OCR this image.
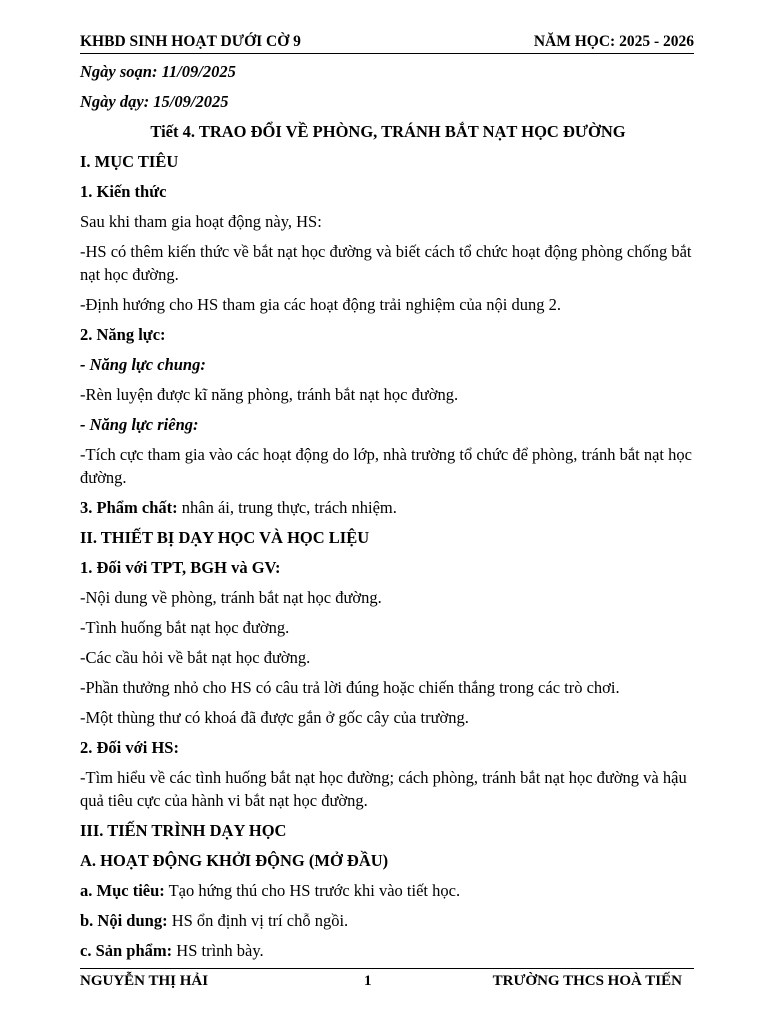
KHBD SINH HOẠT DƯỚI CỜ 9	NĂM HỌC: 2025 - 2026

Ngày soạn: 11/09/2025

Ngày dạy: 15/09/2025

Tiết 4. TRAO ĐỔI VỀ PHÒNG, TRÁNH BẮT NẠT HỌC ĐƯỜNG

I. MỤC TIÊU

1. Kiến thức

Sau khi tham gia hoạt động này, HS:

-HS có thêm kiến thức về bắt nạt học đường và biết cách tổ chức hoạt động phòng chống bắt nạt học đường.

-Định hướng cho HS tham gia các hoạt động trải nghiệm của nội dung 2.

2. Năng lực:

- Năng lực chung:

-Rèn luyện được kĩ năng phòng, tránh bắt nạt học đường.

- Năng lực riêng:

-Tích cực tham gia vào các hoạt động do lớp, nhà trường tổ chức để phòng, tránh bắt nạt học đường.

3. Phẩm chất: nhân ái, trung thực, trách nhiệm.

II. THIẾT BỊ DẠY HỌC VÀ HỌC LIỆU

1. Đối với TPT, BGH và GV:

-Nội dung về phòng, tránh bắt nạt học đường.

-Tình huống bắt nạt học đường.

-Các cầu hỏi về bắt nạt học đường.

-Phần thưởng nhỏ cho HS có câu trả lời đúng hoặc chiến thắng trong các trò chơi.

-Một thùng thư có khoá đã được gắn ở gốc cây của trường.

2. Đối với HS:

-Tìm hiểu về các tình huống bắt nạt học đường; cách phòng, tránh bắt nạt học đường và hậu quả tiêu cực của hành vi bắt nạt học đường.

III. TIẾN TRÌNH DẠY HỌC

A. HOẠT ĐỘNG KHỞI ĐỘNG (MỞ ĐẦU)

a. Mục tiêu: Tạo hứng thú cho HS trước khi vào tiết học.

b. Nội dung: HS ổn định vị trí chỗ ngồi.

c. Sản phẩm: HS trình bày.

NGUYỄN THỊ HẢI	1	TRƯỜNG THCS HOÀ TIẾN
